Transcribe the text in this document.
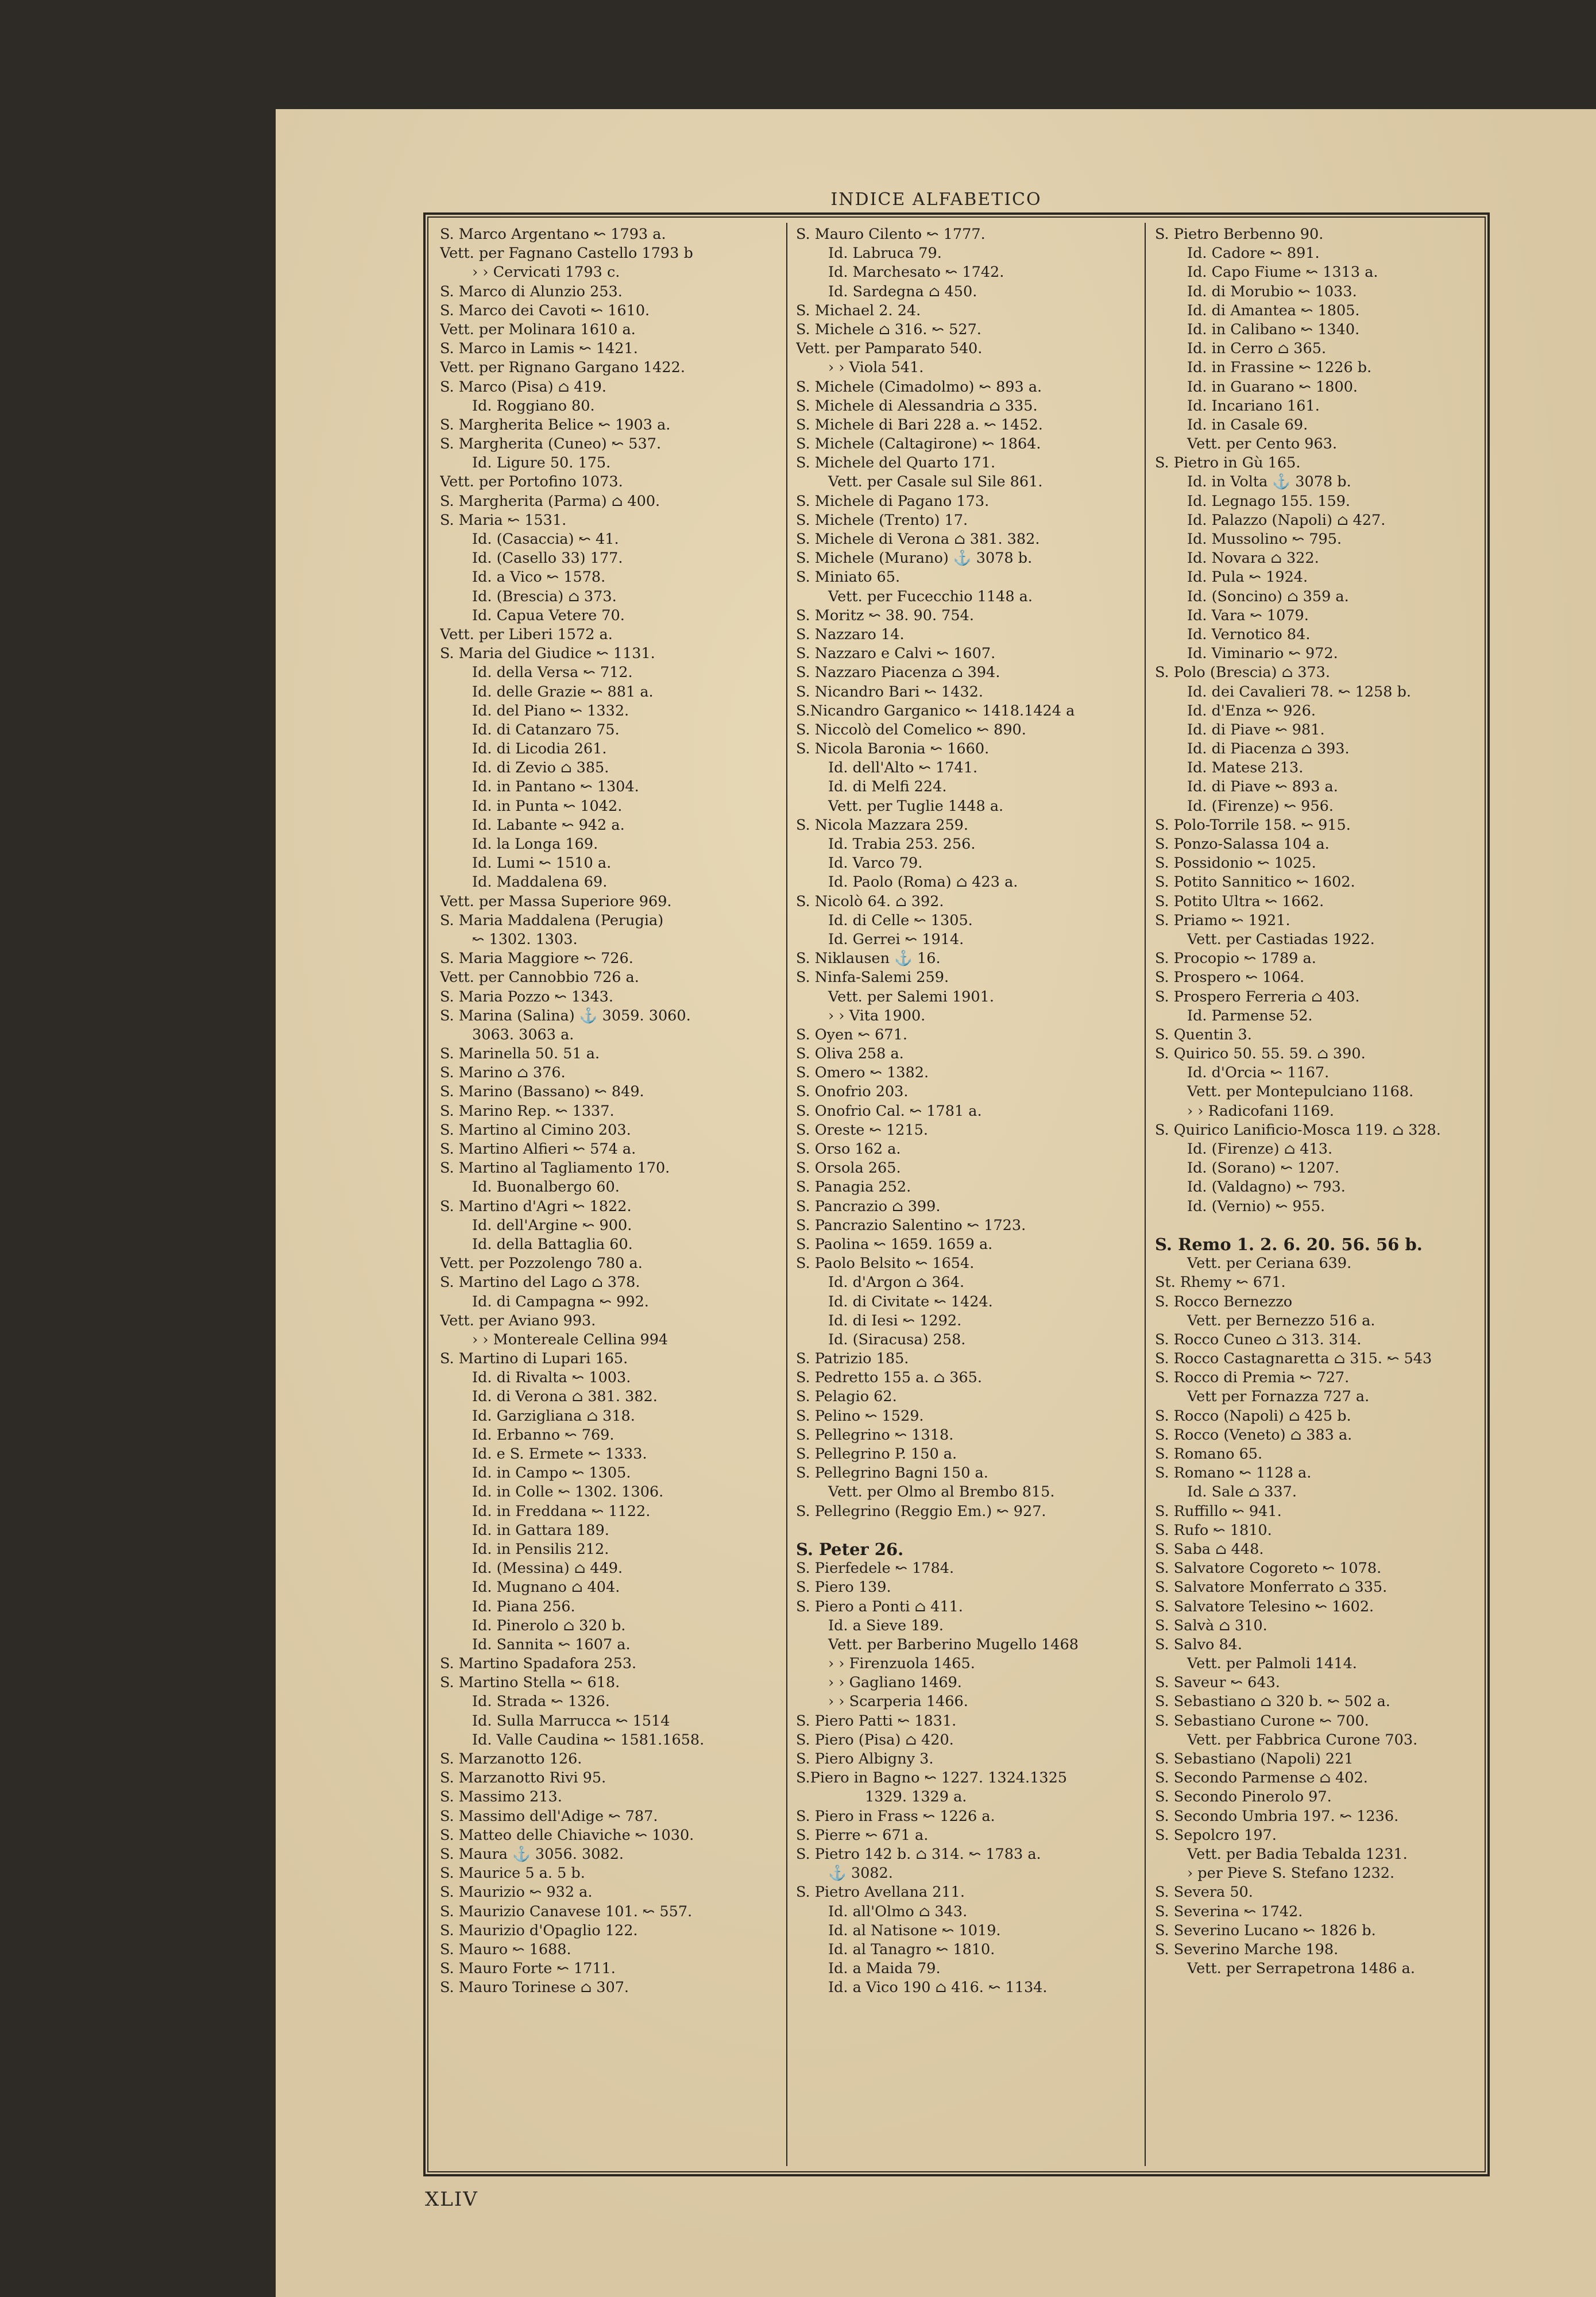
INDICE ALFABETICO
S. Marco Argentano ↜ 1793 a.
Vett. per Fagnano Castello 1793 b
› › Cervicati 1793 c.
S. Marco di Alunzio 253.
S. Marco dei Cavoti ↜ 1610.
Vett. per Molinara 1610 a.
S. Marco in Lamis ↜ 1421.
Vett. per Rignano Gargano 1422.
S. Marco (Pisa) ⌂ 419.
Id. Roggiano 80.
S. Margherita Belice ↜ 1903 a.
S. Margherita (Cuneo) ↜ 537.
Id. Ligure 50. 175.
Vett. per Portofino 1073.
S. Margherita (Parma) ⌂ 400.
S. Maria ↜ 1531.
Id. (Casaccia) ↜ 41.
Id. (Casello 33) 177.
Id. a Vico ↜ 1578.
Id. (Brescia) ⌂ 373.
Id. Capua Vetere 70.
Vett. per Liberi 1572 a.
S. Maria del Giudice ↜ 1131.
Id. della Versa ↜ 712.
Id. delle Grazie ↜ 881 a.
Id. del Piano ↜ 1332.
Id. di Catanzaro 75.
Id. di Licodia 261.
Id. di Zevio ⌂ 385.
Id. in Pantano ↜ 1304.
Id. in Punta ↜ 1042.
Id. Labante ↜ 942 a.
Id. la Longa 169.
Id. Lumi ↜ 1510 a.
Id. Maddalena 69.
Vett. per Massa Superiore 969.
S. Maria Maddalena (Perugia)
↜ 1302. 1303.
S. Maria Maggiore ↜ 726.
Vett. per Cannobbio 726 a.
S. Maria Pozzo ↜ 1343.
S. Marina (Salina) ⚓ 3059. 3060.
3063. 3063 a.
S. Marinella 50. 51 a.
S. Marino ⌂ 376.
S. Marino (Bassano) ↜ 849.
S. Marino Rep. ↜ 1337.
S. Martino al Cimino 203.
S. Martino Alfieri ↜ 574 a.
S. Martino al Tagliamento 170.
Id. Buonalbergo 60.
S. Martino d'Agri ↜ 1822.
Id. dell'Argine ↜ 900.
Id. della Battaglia 60.
Vett. per Pozzolengo 780 a.
S. Martino del Lago ⌂ 378.
Id. di Campagna ↜ 992.
Vett. per Aviano 993.
› › Montereale Cellina 994
S. Martino di Lupari 165.
Id. di Rivalta ↜ 1003.
Id. di Verona ⌂ 381. 382.
Id. Garzigliana ⌂ 318.
Id. Erbanno ↜ 769.
Id. e S. Ermete ↜ 1333.
Id. in Campo ↜ 1305.
Id. in Colle ↜ 1302. 1306.
Id. in Freddana ↜ 1122.
Id. in Gattara 189.
Id. in Pensilis 212.
Id. (Messina) ⌂ 449.
Id. Mugnano ⌂ 404.
Id. Piana 256.
Id. Pinerolo ⌂ 320 b.
Id. Sannita ↜ 1607 a.
S. Martino Spadafora 253.
S. Martino Stella ↜ 618.
Id. Strada ↜ 1326.
Id. Sulla Marrucca ↜ 1514
Id. Valle Caudina ↜ 1581.1658.
S. Marzanotto 126.
S. Marzanotto Rivi 95.
S. Massimo 213.
S. Massimo dell'Adige ↜ 787.
S. Matteo delle Chiaviche ↜ 1030.
S. Maura ⚓ 3056. 3082.
S. Maurice 5 a. 5 b.
S. Maurizio ↜ 932 a.
S. Maurizio Canavese 101. ↜ 557.
S. Maurizio d'Opaglio 122.
S. Mauro ↜ 1688.
S. Mauro Forte ↜ 1711.
S. Mauro Torinese ⌂ 307.
S. Mauro Cilento ↜ 1777.
Id. Labruca 79.
Id. Marchesato ↜ 1742.
Id. Sardegna ⌂ 450.
S. Michael 2. 24.
S. Michele ⌂ 316. ↜ 527.
Vett. per Pamparato 540.
› › Viola 541.
S. Michele (Cimadolmo) ↜ 893 a.
S. Michele di Alessandria ⌂ 335.
S. Michele di Bari 228 a. ↜ 1452.
S. Michele (Caltagirone) ↜ 1864.
S. Michele del Quarto 171.
Vett. per Casale sul Sile 861.
S. Michele di Pagano 173.
S. Michele (Trento) 17.
S. Michele di Verona ⌂ 381. 382.
S. Michele (Murano) ⚓ 3078 b.
S. Miniato 65.
Vett. per Fucecchio 1148 a.
S. Moritz ↜ 38. 90. 754.
S. Nazzaro 14.
S. Nazzaro e Calvi ↜ 1607.
S. Nazzaro Piacenza ⌂ 394.
S. Nicandro Bari ↜ 1432.
S.Nicandro Garganico ↜ 1418.1424 a
S. Niccolò del Comelico ↜ 890.
S. Nicola Baronia ↜ 1660.
Id. dell'Alto ↜ 1741.
Id. di Melfi 224.
Vett. per Tuglie 1448 a.
S. Nicola Mazzara 259.
Id. Trabia 253. 256.
Id. Varco 79.
Id. Paolo (Roma) ⌂ 423 a.
S. Nicolò 64. ⌂ 392.
Id. di Celle ↜ 1305.
Id. Gerrei ↜ 1914.
S. Niklausen ⚓ 16.
S. Ninfa-Salemi 259.
Vett. per Salemi 1901.
› › Vita 1900.
S. Oyen ↜ 671.
S. Oliva 258 a.
S. Omero ↜ 1382.
S. Onofrio 203.
S. Onofrio Cal. ↜ 1781 a.
S. Oreste ↜ 1215.
S. Orso 162 a.
S. Orsola 265.
S. Panagia 252.
S. Pancrazio ⌂ 399.
S. Pancrazio Salentino ↜ 1723.
S. Paolina ↜ 1659. 1659 a.
S. Paolo Belsito ↜ 1654.
Id. d'Argon ⌂ 364.
Id. di Civitate ↜ 1424.
Id. di Iesi ↜ 1292.
Id. (Siracusa) 258.
S. Patrizio 185.
S. Pedretto 155 a. ⌂ 365.
S. Pelagio 62.
S. Pelino ↜ 1529.
S. Pellegrino ↜ 1318.
S. Pellegrino P. 150 a.
S. Pellegrino Bagni 150 a.
Vett. per Olmo al Brembo 815.
S. Pellegrino (Reggio Em.) ↜ 927.
S. Peter 26.
S. Pierfedele ↜ 1784.
S. Piero 139.
S. Piero a Ponti ⌂ 411.
Id. a Sieve 189.
Vett. per Barberino Mugello 1468
› › Firenzuola 1465.
› › Gagliano 1469.
› › Scarperia 1466.
S. Piero Patti ↜ 1831.
S. Piero (Pisa) ⌂ 420.
S. Piero Albigny 3.
S.Piero in Bagno ↜ 1227. 1324.1325
1329. 1329 a.
S. Piero in Frass ↜ 1226 a.
S. Pierre ↜ 671 a.
S. Pietro 142 b. ⌂ 314. ↜ 1783 a.
⚓ 3082.
S. Pietro Avellana 211.
Id. all'Olmo ⌂ 343.
Id. al Natisone ↜ 1019.
Id. al Tanagro ↜ 1810.
Id. a Maida 79.
Id. a Vico 190 ⌂ 416. ↜ 1134.
S. Pietro Berbenno 90.
Id. Cadore ↜ 891.
Id. Capo Fiume ↜ 1313 a.
Id. di Morubio ↜ 1033.
Id. di Amantea ↜ 1805.
Id. in Calibano ↜ 1340.
Id. in Cerro ⌂ 365.
Id. in Frassine ↜ 1226 b.
Id. in Guarano ↜ 1800.
Id. Incariano 161.
Id. in Casale 69.
Vett. per Cento 963.
S. Pietro in Gù 165.
Id. in Volta ⚓ 3078 b.
Id. Legnago 155. 159.
Id. Palazzo (Napoli) ⌂ 427.
Id. Mussolino ↜ 795.
Id. Novara ⌂ 322.
Id. Pula ↜ 1924.
Id. (Soncino) ⌂ 359 a.
Id. Vara ↜ 1079.
Id. Vernotico 84.
Id. Viminario ↜ 972.
S. Polo (Brescia) ⌂ 373.
Id. dei Cavalieri 78. ↜ 1258 b.
Id. d'Enza ↜ 926.
Id. di Piave ↜ 981.
Id. di Piacenza ⌂ 393.
Id. Matese 213.
Id. di Piave ↜ 893 a.
Id. (Firenze) ↜ 956.
S. Polo-Torrile 158. ↜ 915.
S. Ponzo-Salassa 104 a.
S. Possidonio ↜ 1025.
S. Potito Sannitico ↜ 1602.
S. Potito Ultra ↜ 1662.
S. Priamo ↜ 1921.
Vett. per Castiadas 1922.
S. Procopio ↜ 1789 a.
S. Prospero ↜ 1064.
S. Prospero Ferreria ⌂ 403.
Id. Parmense 52.
S. Quentin 3.
S. Quirico 50. 55. 59. ⌂ 390.
Id. d'Orcia ↜ 1167.
Vett. per Montepulciano 1168.
› › Radicofani 1169.
S. Quirico Lanificio-Mosca 119. ⌂ 328.
Id. (Firenze) ⌂ 413.
Id. (Sorano) ↜ 1207.
Id. (Valdagno) ↜ 793.
Id. (Vernio) ↜ 955.
S. Remo 1. 2. 6. 20. 56. 56 b.
Vett. per Ceriana 639.
St. Rhemy ↜ 671.
S. Rocco Bernezzo
Vett. per Bernezzo 516 a.
S. Rocco Cuneo ⌂ 313. 314.
S. Rocco Castagnaretta ⌂ 315. ↜ 543
S. Rocco di Premia ↜ 727.
Vett per Fornazza 727 a.
S. Rocco (Napoli) ⌂ 425 b.
S. Rocco (Veneto) ⌂ 383 a.
S. Romano 65.
S. Romano ↜ 1128 a.
Id. Sale ⌂ 337.
S. Ruffillo ↜ 941.
S. Rufo ↜ 1810.
S. Saba ⌂ 448.
S. Salvatore Cogoreto ↜ 1078.
S. Salvatore Monferrato ⌂ 335.
S. Salvatore Telesino ↜ 1602.
S. Salvà ⌂ 310.
S. Salvo 84.
Vett. per Palmoli 1414.
S. Saveur ↜ 643.
S. Sebastiano ⌂ 320 b. ↜ 502 a.
S. Sebastiano Curone ↜ 700.
Vett. per Fabbrica Curone 703.
S. Sebastiano (Napoli) 221
S. Secondo Parmense ⌂ 402.
S. Secondo Pinerolo 97.
S. Secondo Umbria 197. ↜ 1236.
S. Sepolcro 197.
Vett. per Badia Tebalda 1231.
› per Pieve S. Stefano 1232.
S. Severa 50.
S. Severina ↜ 1742.
S. Severino Lucano ↜ 1826 b.
S. Severino Marche 198.
Vett. per Serrapetrona 1486 a.
XLIV
